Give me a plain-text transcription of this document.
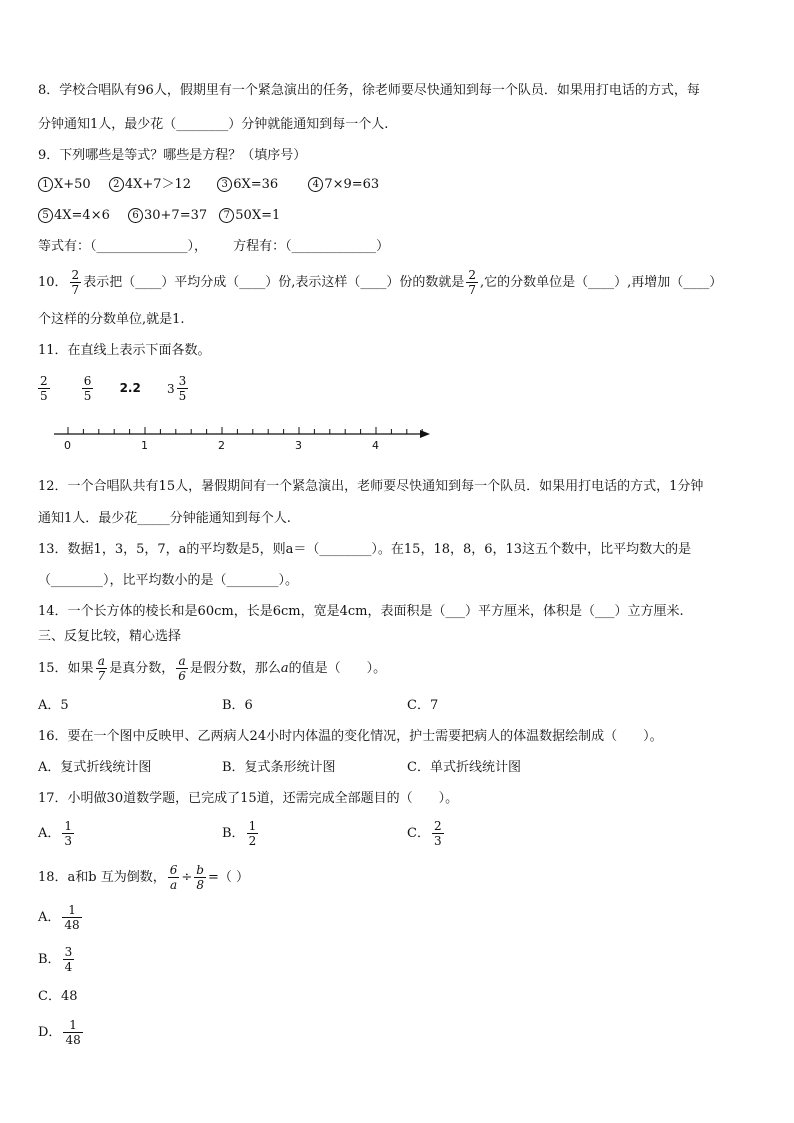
8．学校合唱队有96人，假期里有一个紧急演出的任务，徐老师要尽快通知到每一个队员．如果用打电话的方式，每
分钟通知1人，最少花（________）分钟就能通知到每一个人.
9．下列哪些是等式？哪些是方程？（填序号）
1 X+50 2 4X+7＞12	3 6X=36	4 7×9=63
5 4X=4×6 6 30+7=37 7 50X=1
等式有：（______________）， 方程有：（_____________）
10． $\frac{2}{7}$ 表示把（____）平均分成（____）份,表示这样（____）份的数就是 $\frac{2}{7}$ ,它的分数单位是（____）,再增加（____）
个这样的分数单位,就是1.
11．在直线上表示下面各数。
$\frac{2}{5}$
	$\frac{6}{5} 2.2$ $3 \frac{3}{5}$
0	1	2	3	4
12．一个合唱队共有15人，暑假期间有一个紧急演出，老师要尽快通知到每一个队员．如果用打电话的方式，1分钟
通知1人．最少花_____分钟能通知到每个人.
13．数据1，3，5，7，a的平均数是5，则a＝（________）。在15，18，8，6，13这五个数中，比平均数大的是
（________），比平均数小的是（________）。
14．一个长方体的棱长和是60cm，长是6cm，宽是4cm，表面积是（___）平方厘米，体积是（___）立方厘米.
三、反复比较，精心选择
15．如果 $\frac{a}{7}$ 是真分数， $\frac{a}{6}$ 是假分数，那么a的值是（　　）。
A．5	B．6	C．7
16．要在一个图中反映甲、乙两病人24小时内体温的变化情况，护士需要把病人的体温数据绘制成（　　）。
A．复式折线统计图	B．复式条形统计图	C．单式折线统计图
17．小明做30道数学题，已完成了15道，还需完成全部题目的（　　）。
A． $\frac{1}{3}$	B． $\frac{1}{2}$	C． $\frac{2}{3}$
18．a和b 互为倒数， $\frac{6}{a} \div \frac{b}{8}$ =（ ）
A． $\frac{1}{48}$
B． $\frac{3}{4}$
C．48
D． $\frac{1}{48}$
